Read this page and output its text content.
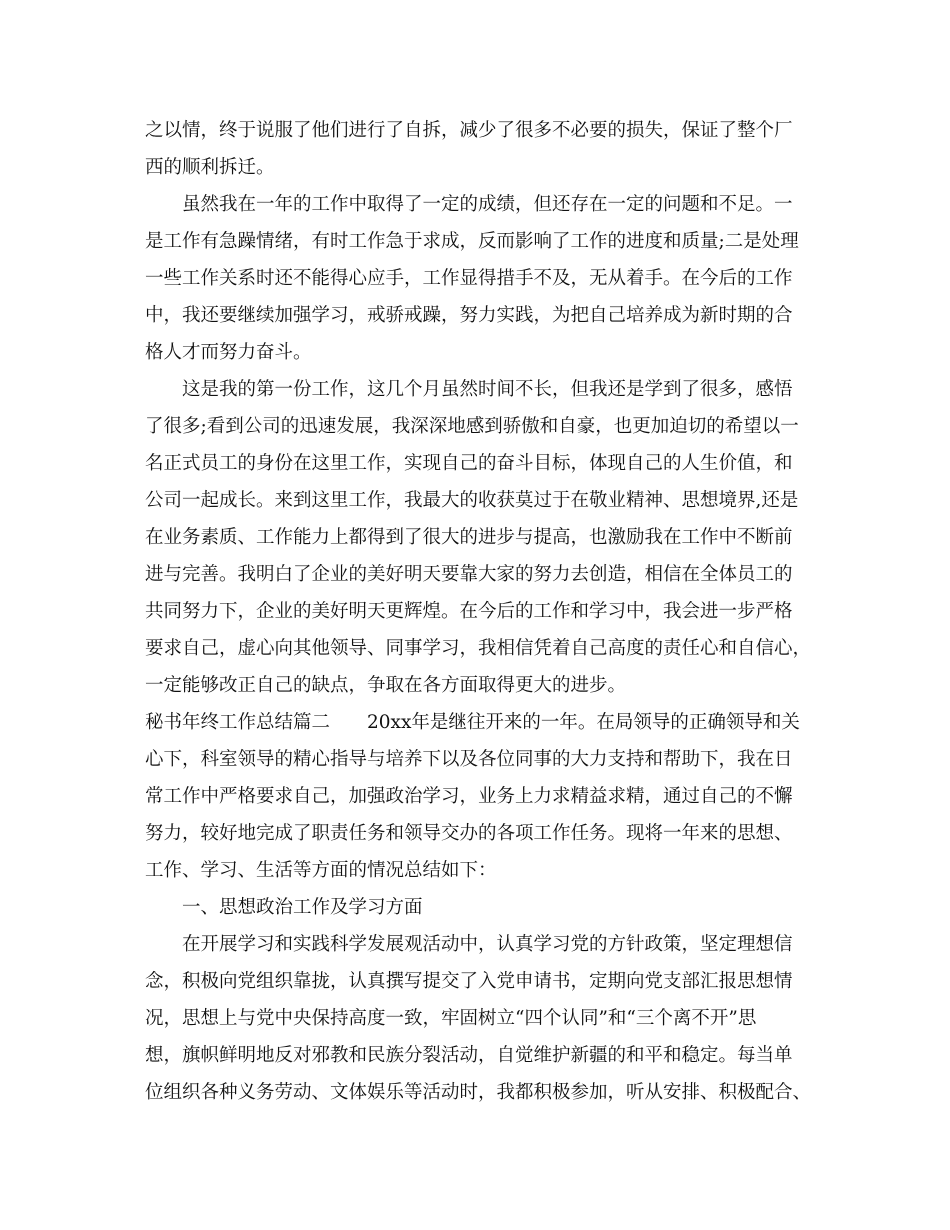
之以情，终于说服了他们进行了自拆，减少了很多不必要的损失，保证了整个厂
西的顺利拆迁。
虽然我在一年的工作中取得了一定的成绩，但还存在一定的问题和不足。一
是工作有急躁情绪，有时工作急于求成，反而影响了工作的进度和质量;二是处理
一些工作关系时还不能得心应手，工作显得措手不及，无从着手。在今后的工作
中，我还要继续加强学习，戒骄戒躁，努力实践，为把自己培养成为新时期的合
格人才而努力奋斗。
这是我的第一份工作，这几个月虽然时间不长，但我还是学到了很多，感悟
了很多;看到公司的迅速发展，我深深地感到骄傲和自豪，也更加迫切的希望以一
名正式员工的身份在这里工作，实现自己的奋斗目标，体现自己的人生价值，和
公司一起成长。来到这里工作，我最大的收获莫过于在敬业精神、思想境界,还是
在业务素质、工作能力上都得到了很大的进步与提高，也激励我在工作中不断前
进与完善。我明白了企业的美好明天要靠大家的努力去创造，相信在全体员工的
共同努力下，企业的美好明天更辉煌。在今后的工作和学习中，我会进一步严格
要求自己，虚心向其他领导、同事学习，我相信凭着自己高度的责任心和自信心，
一定能够改正自己的缺点，争取在各方面取得更大的进步。
秘书年终工作总结篇二　　20xx年是继往开来的一年。在局领导的正确领导和关
心下，科室领导的精心指导与培养下以及各位同事的大力支持和帮助下，我在日
常工作中严格要求自己，加强政治学习，业务上力求精益求精，通过自己的不懈
努力，较好地完成了职责任务和领导交办的各项工作任务。现将一年来的思想、
工作、学习、生活等方面的情况总结如下：
一、思想政治工作及学习方面
在开展学习和实践科学发展观活动中，认真学习党的方针政策，坚定理想信
念，积极向党组织靠拢，认真撰写提交了入党申请书，定期向党支部汇报思想情
况，思想上与党中央保持高度一致，牢固树立“四个认同”和“三个离不开”思
想，旗帜鲜明地反对邪教和民族分裂活动，自觉维护新疆的和平和稳定。每当单
位组织各种义务劳动、文体娱乐等活动时，我都积极参加，听从安排、积极配合、
